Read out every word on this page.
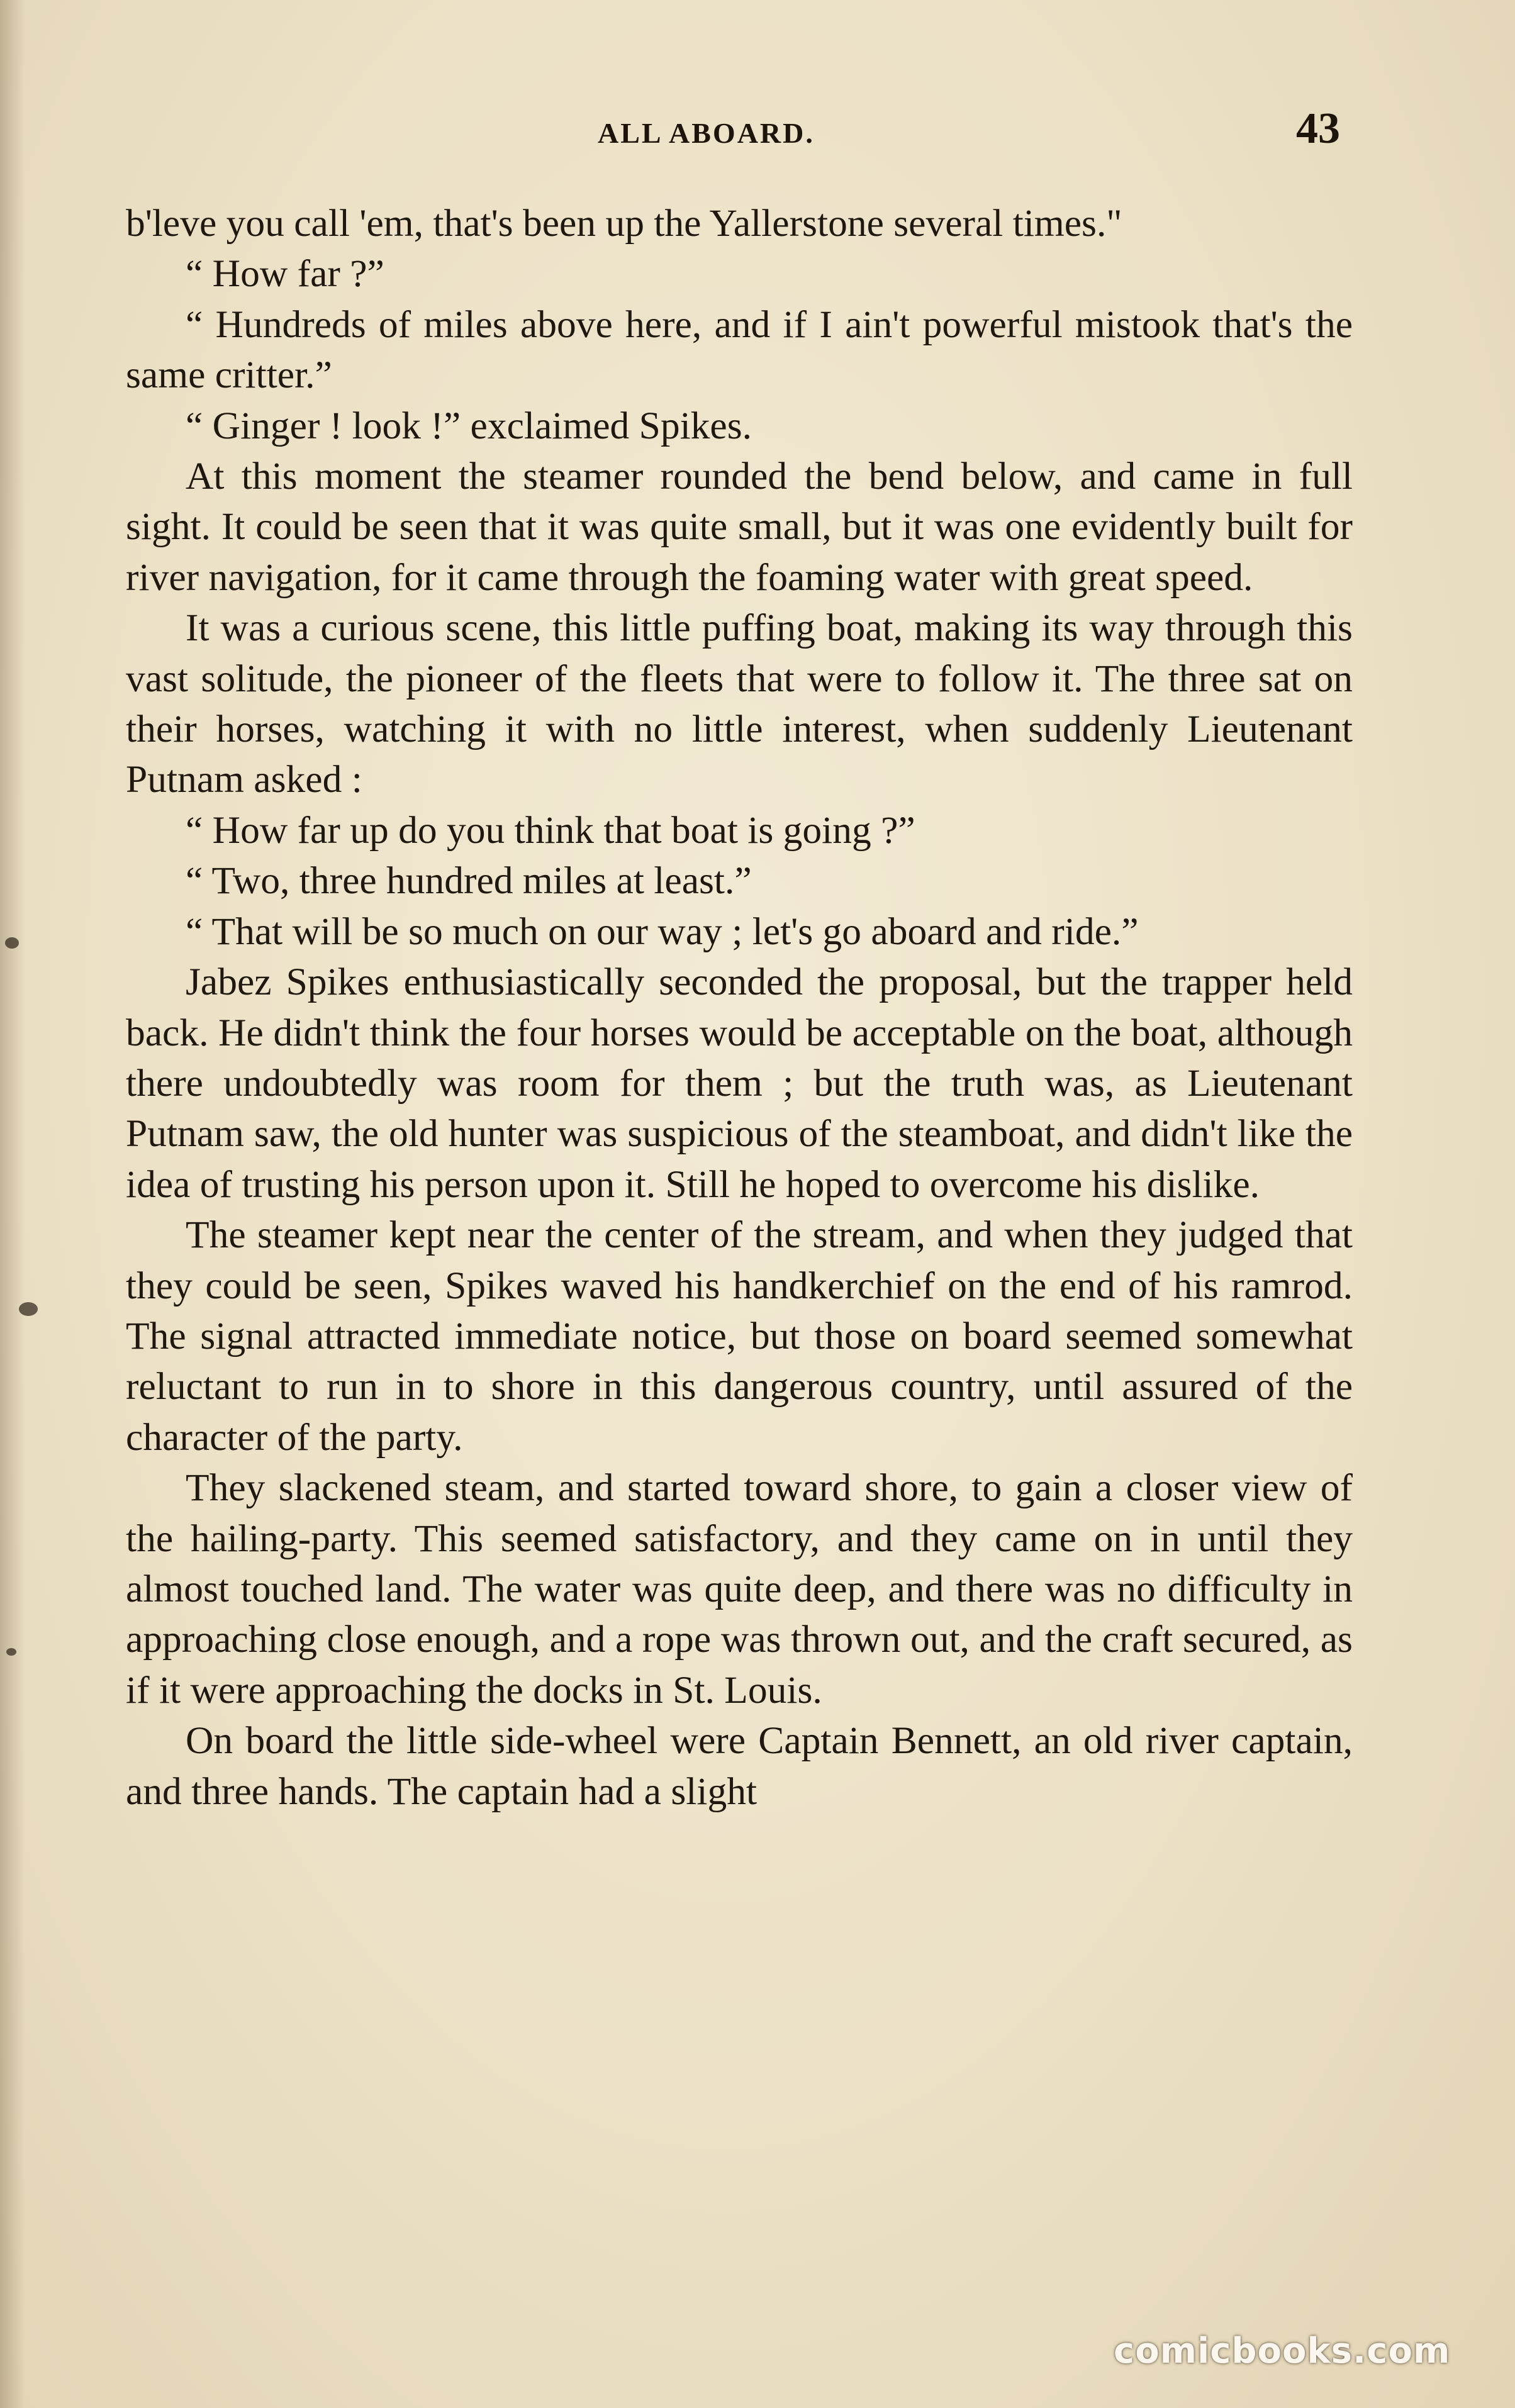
ALL ABOARD.	43

b'leve you call 'em, that's been up the Yallerstone several times."

“ How far ?”

“ Hundreds of miles above here, and if I ain't powerful mistook that's the same critter.”

“ Ginger ! look !” exclaimed Spikes.

At this moment the steamer rounded the bend below, and came in full sight. It could be seen that it was quite small, but it was one evidently built for river navigation, for it came through the foaming water with great speed.

It was a curious scene, this little puffing boat, making its way through this vast solitude, the pioneer of the fleets that were to follow it. The three sat on their horses, watching it with no little interest, when suddenly Lieutenant Putnam asked :

“ How far up do you think that boat is going ?”

“ Two, three hundred miles at least.”

“ That will be so much on our way ; let's go aboard and ride.”

Jabez Spikes enthusiastically seconded the proposal, but the trapper held back. He didn't think the four horses would be acceptable on the boat, although there undoubtedly was room for them ; but the truth was, as Lieutenant Putnam saw, the old hunter was suspicious of the steamboat, and didn't like the idea of trusting his person upon it. Still he hoped to overcome his dislike.

The steamer kept near the center of the stream, and when they judged that they could be seen, Spikes waved his handkerchief on the end of his ramrod. The signal attracted immediate notice, but those on board seemed somewhat reluctant to run in to shore in this dangerous country, until assured of the character of the party.

They slackened steam, and started toward shore, to gain a closer view of the hailing-party. This seemed satisfactory, and they came on in until they almost touched land. The water was quite deep, and there was no difficulty in approaching close enough, and a rope was thrown out, and the craft secured, as if it were approaching the docks in St. Louis.

On board the little side-wheel were Captain Bennett, an old river captain, and three hands. The captain had a slight

comicbooks.com
